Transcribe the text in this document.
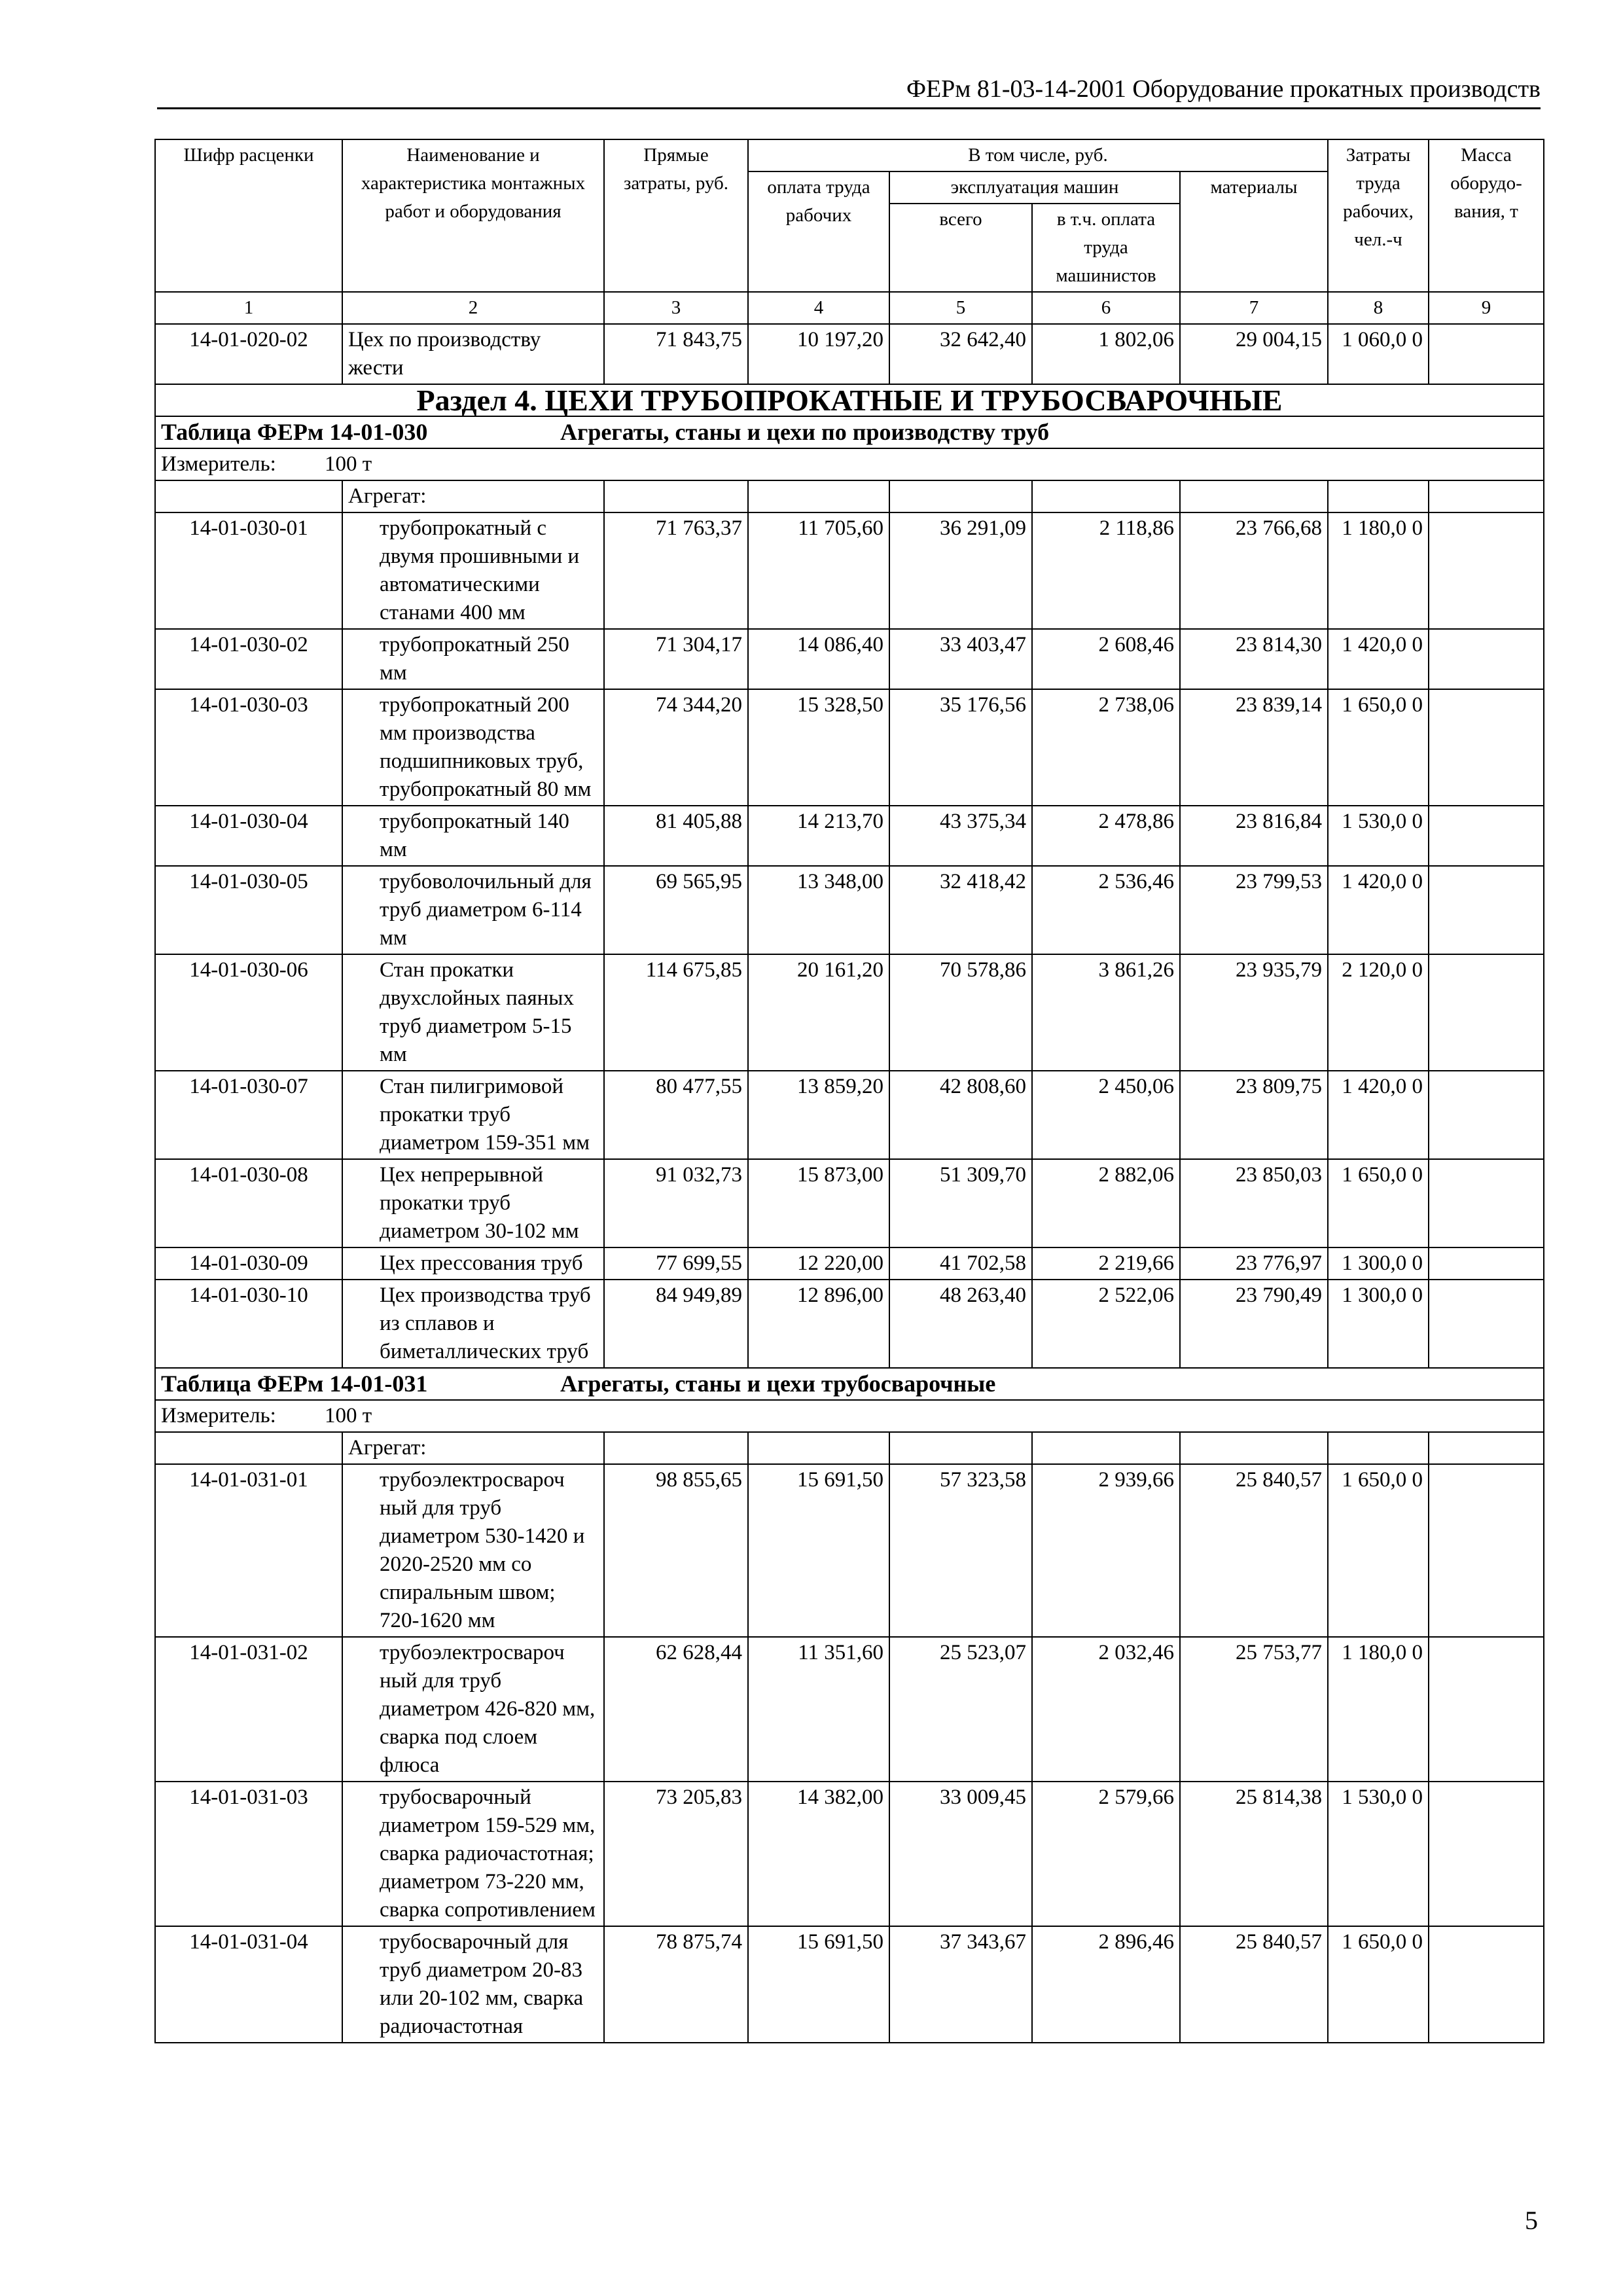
ФЕРм 81-03-14-2001 Оборудование прокатных производств
Шифр расценки	Наименование и характеристика монтажных работ и оборудования	Прямые затраты, руб.	В том числе, руб.				Затраты труда рабочих, чел.-ч	Масса оборудо-вания, т
			оплата труда рабочих	эксплуатация машин		материалы		
				всего	в т.ч. оплата труда машинистов			
1	2	3	4	5	6	7	8	9
14-01-020-02	Цех по производству жести	71 843,75	10 197,20	32 642,40	1 802,06	29 004,15	1 060,0 0	
Раздел 4. ЦЕХИ ТРУБОПРОКАТНЫЕ И ТРУБОСВАРОЧНЫЕ								
Таблица ФЕРм 14-01-030 Агрегаты, станы и цехи по производству труб								
Измеритель: 100 т								
	Агрегат:							
14-01-030-01	трубопрокатный с двумя прошивными и автоматическими станами 400 мм	71 763,37	11 705,60	36 291,09	2 118,86	23 766,68	1 180,0 0	
14-01-030-02	трубопрокатный 250 мм	71 304,17	14 086,40	33 403,47	2 608,46	23 814,30	1 420,0 0	
14-01-030-03	трубопрокатный 200 мм производства подшипниковых труб, трубопрокатный 80 мм	74 344,20	15 328,50	35 176,56	2 738,06	23 839,14	1 650,0 0	
14-01-030-04	трубопрокатный 140 мм	81 405,88	14 213,70	43 375,34	2 478,86	23 816,84	1 530,0 0	
14-01-030-05	трубоволочильный для труб диаметром 6-114 мм	69 565,95	13 348,00	32 418,42	2 536,46	23 799,53	1 420,0 0	
14-01-030-06	Стан прокатки двухслойных паяных труб диаметром 5-15 мм	114 675,85	20 161,20	70 578,86	3 861,26	23 935,79	2 120,0 0	
14-01-030-07	Стан пилигримовой прокатки труб диаметром 159-351 мм	80 477,55	13 859,20	42 808,60	2 450,06	23 809,75	1 420,0 0	
14-01-030-08	Цех непрерывной прокатки труб диаметром 30-102 мм	91 032,73	15 873,00	51 309,70	2 882,06	23 850,03	1 650,0 0	
14-01-030-09	Цех прессования труб	77 699,55	12 220,00	41 702,58	2 219,66	23 776,97	1 300,0 0	
14-01-030-10	Цех производства труб из сплавов и биметаллических труб	84 949,89	12 896,00	48 263,40	2 522,06	23 790,49	1 300,0 0	
Таблица ФЕРм 14-01-031 Агрегаты, станы и цехи трубосварочные								
Измеритель: 100 т								
	Агрегат:							
14-01-031-01	трубоэлектросвароч ный для труб диаметром 530-1420 и 2020-2520 мм со спиральным швом; 720-1620 мм	98 855,65	15 691,50	57 323,58	2 939,66	25 840,57	1 650,0 0	
14-01-031-02	трубоэлектросвароч ный для труб диаметром 426-820 мм, сварка под слоем флюса	62 628,44	11 351,60	25 523,07	2 032,46	25 753,77	1 180,0 0	
14-01-031-03	трубосварочный диаметром 159-529 мм, сварка радиочастотная; диаметром 73-220 мм, сварка сопротивлением	73 205,83	14 382,00	33 009,45	2 579,66	25 814,38	1 530,0 0	
14-01-031-04	трубосварочный для труб диаметром 20-83 или 20-102 мм, сварка радиочастотная	78 875,74	15 691,50	37 343,67	2 896,46	25 840,57	1 650,0 0	
5
